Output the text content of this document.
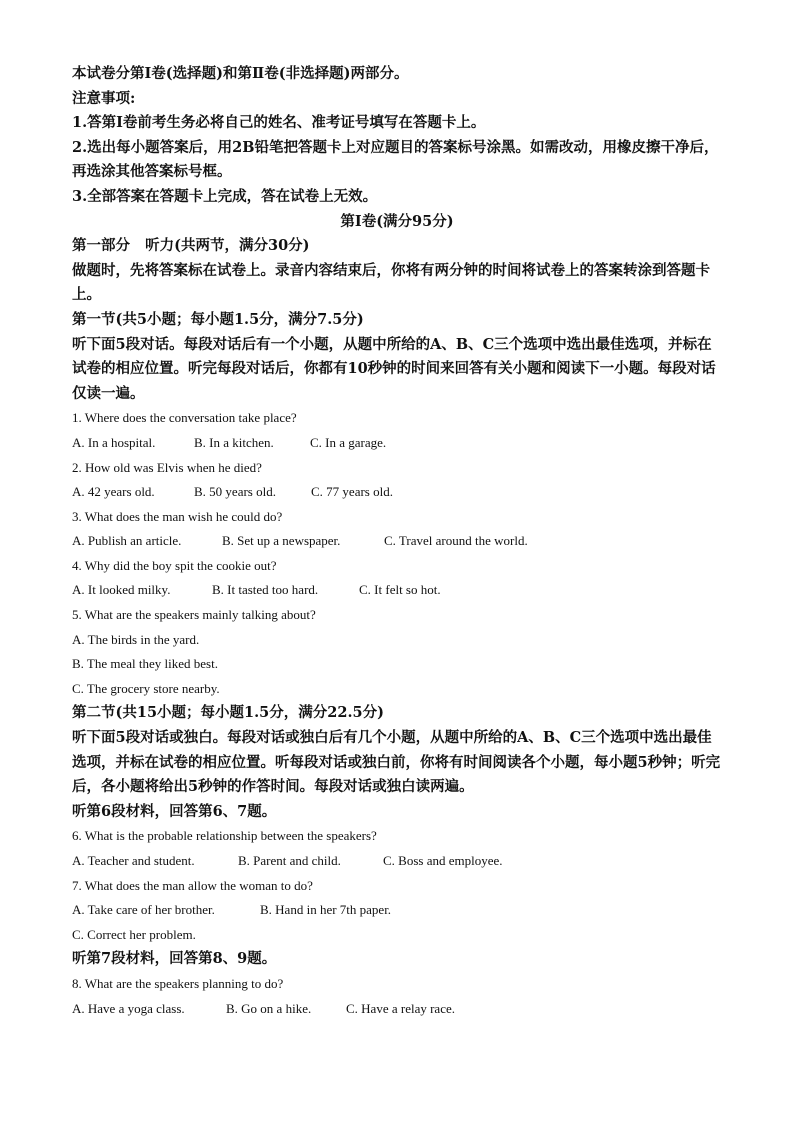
本试卷分第Ⅰ卷(选择题)和第Ⅱ卷(非选择题)两部分。
注意事项:
1.答第Ⅰ卷前考生务必将自己的姓名、准考证号填写在答题卡上。
2.选出每小题答案后，用2B铅笔把答题卡上对应题目的答案标号涂黑。如需改动，用橡皮擦干净后，再选涂其他答案标号框。
3.全部答案在答题卡上完成，答在试卷上无效。
第Ⅰ卷(满分95分)
第一部分   听力(共两节，满分30分)
做题时，先将答案标在试卷上。录音内容结束后，你将有两分钟的时间将试卷上的答案转涂到答题卡上。
第一节(共5小题；每小题1.5分，满分7.5分)
听下面5段对话。每段对话后有一个小题，从题中所给的A、B、C三个选项中选出最佳选项，并标在试卷的相应位置。听完每段对话后，你都有10秒钟的时间来回答有关小题和阅读下一小题。每段对话仅读一遍。
1. Where does the conversation take place?
A. In a hospital.	B. In a kitchen.	C. In a garage.
2. How old was Elvis when he died?
A. 42 years old.	B. 50 years old.	C. 77 years old.
3. What does the man wish he could do?
A. Publish an article.	B. Set up a newspaper.	C. Travel around the world.
4. Why did the boy spit the cookie out?
A. It looked milky.	B. It tasted too hard.	C. It felt so hot.
5. What are the speakers mainly talking about?
A. The birds in the yard.
B. The meal they liked best.
C. The grocery store nearby.
第二节(共15小题；每小题1.5分，满分22.5分)
听下面5段对话或独白。每段对话或独白后有几个小题，从题中所给的A、B、C三个选项中选出最佳选项，并标在试卷的相应位置。听每段对话或独白前，你将有时间阅读各个小题，每小题5秒钟；听完后，各小题将给出5秒钟的作答时间。每段对话或独白读两遍。
听第6段材料，回答第6、7题。
6. What is the probable relationship between the speakers?
A. Teacher and student.	B. Parent and child.	C. Boss and employee.
7. What does the man allow the woman to do?
A. Take care of her brother.	B. Hand in her 7th paper.
C. Correct her problem.
听第7段材料，回答第8、9题。
8. What are the speakers planning to do?
A. Have a yoga class.	B. Go on a hike.	C. Have a relay race.
